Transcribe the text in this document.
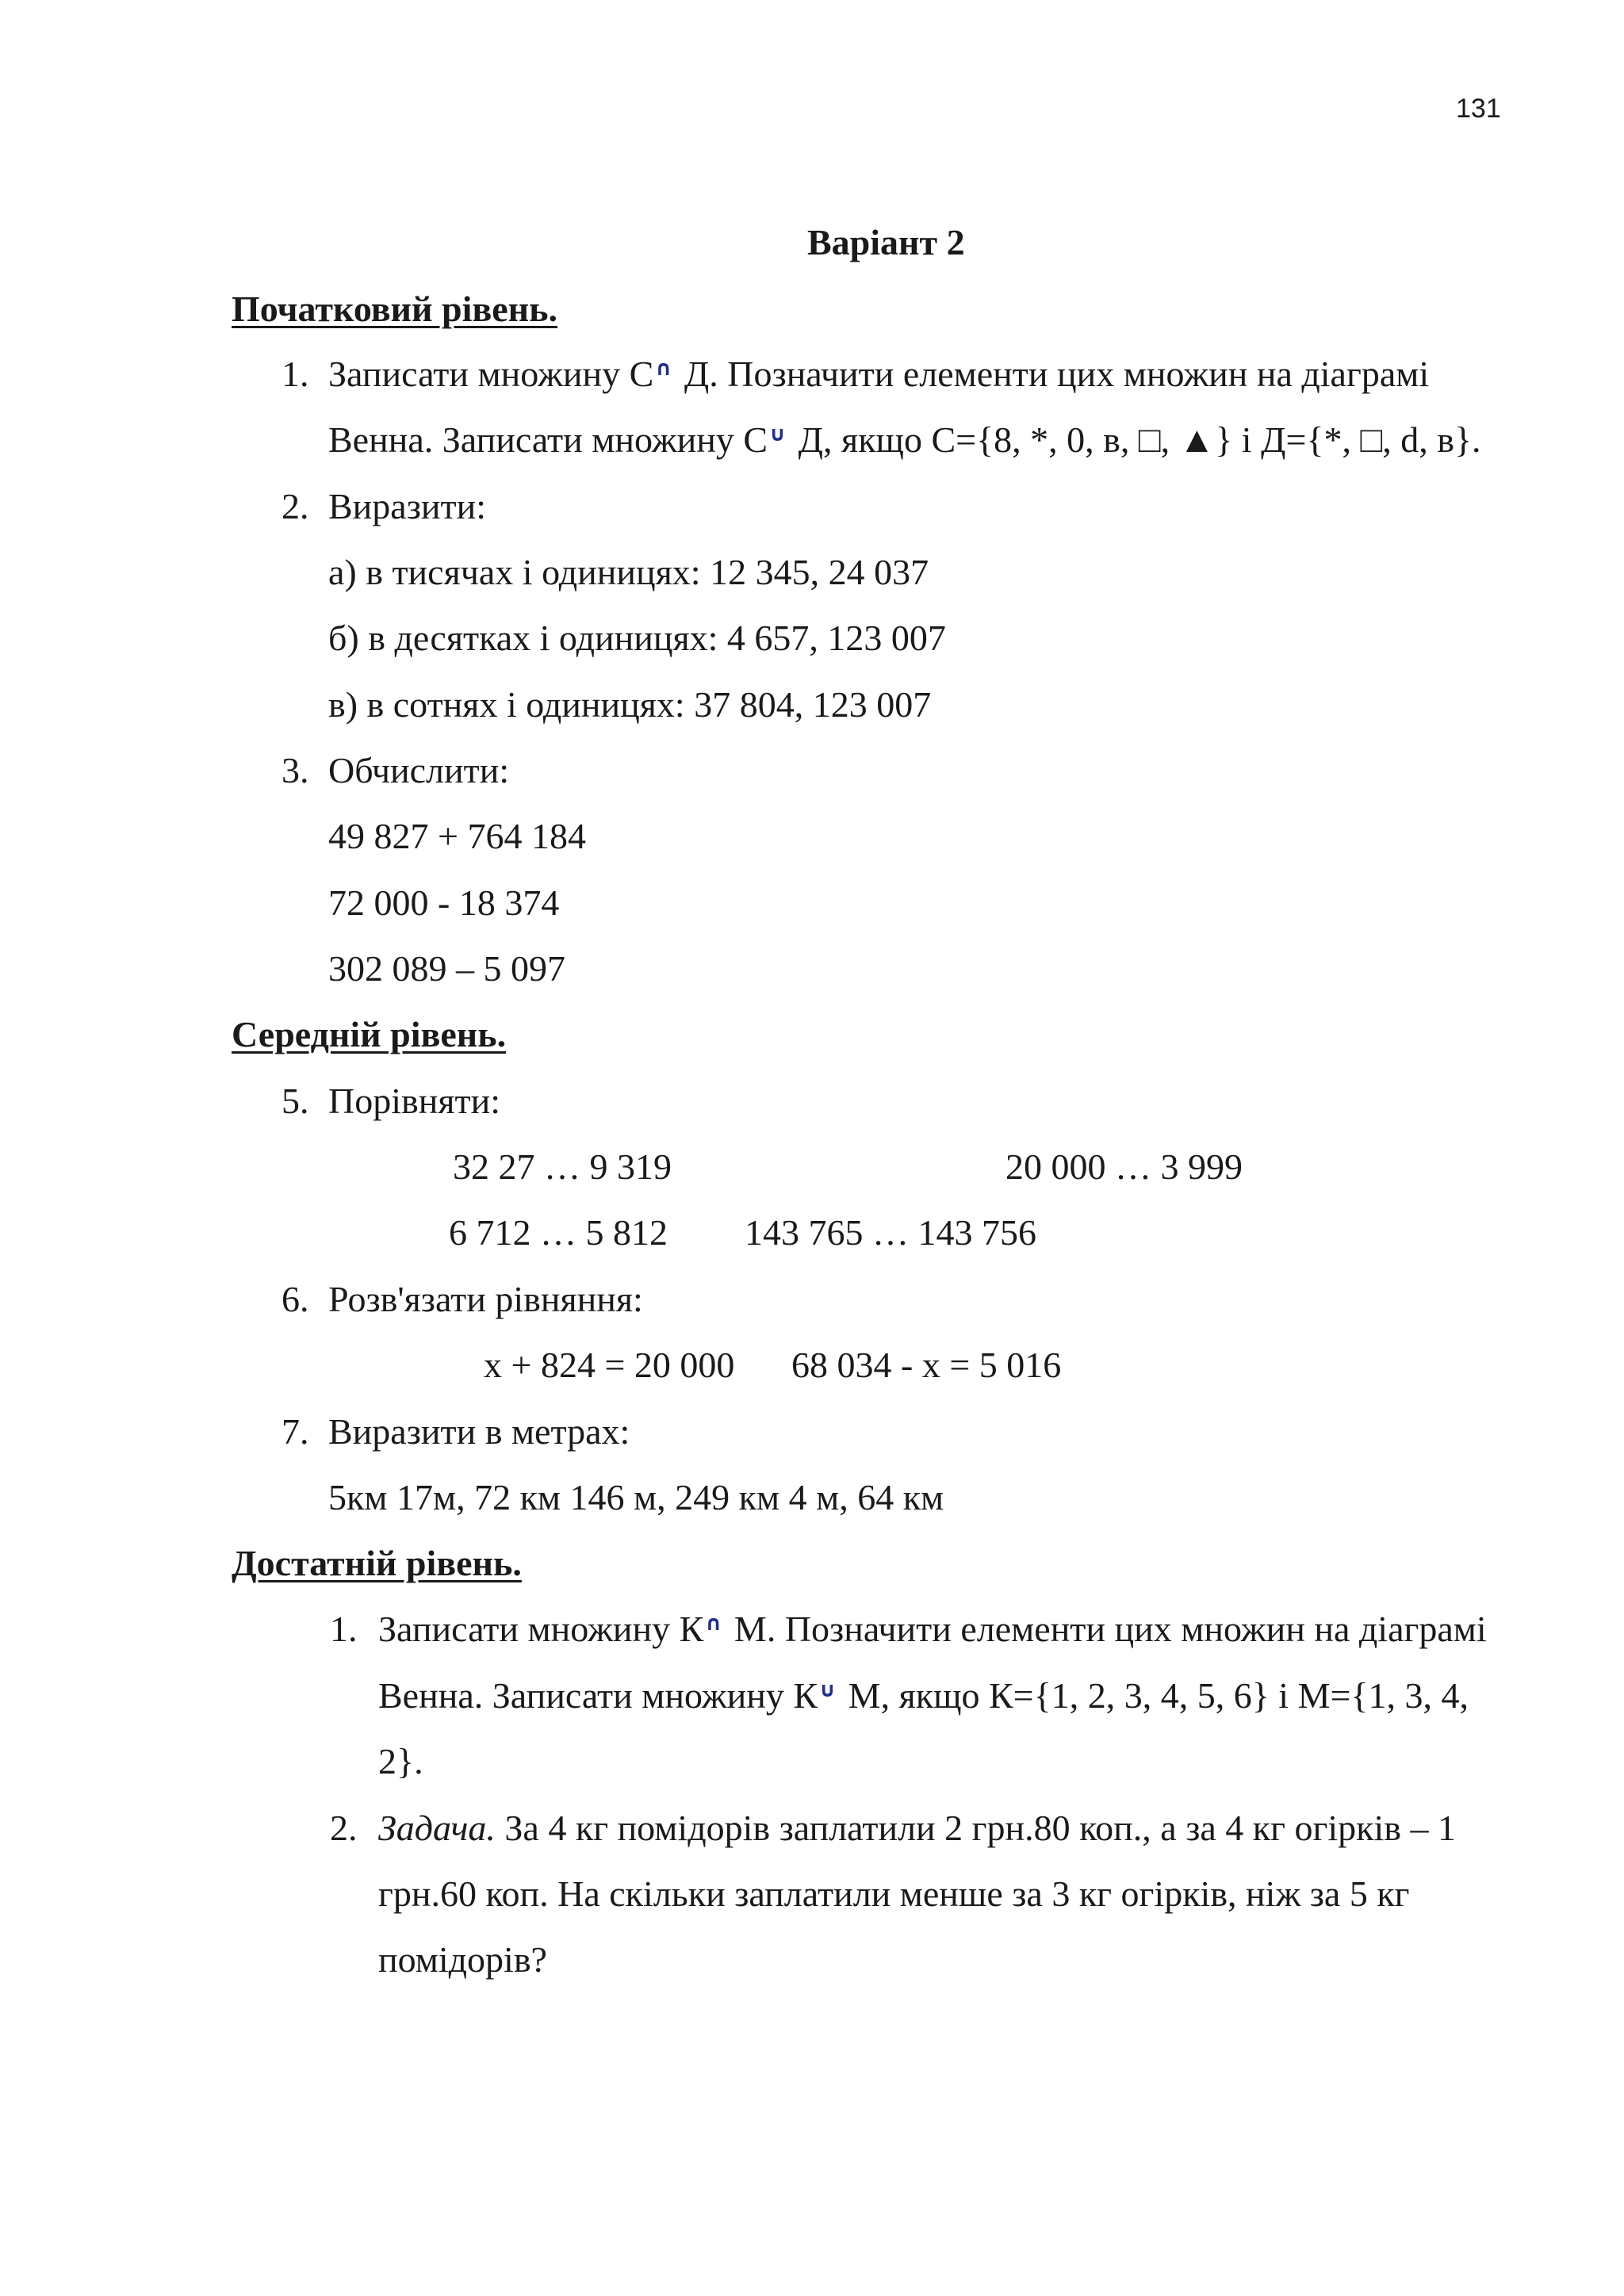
131
Варіант 2
Початковий рівень.
1. Записати множину С∩ Д. Позначити елементи цих множин на діаграмі
Венна. Записати множину С∪ Д, якщо С={8, *, 0, в, □, ▲} і Д={*, □, d, в}.
2. Виразити:
а) в тисячах і одиницях: 12 345, 24 037
б) в десятках і одиницях: 4 657, 123 007
в) в сотнях і одиницях: 37 804, 123 007
3. Обчислити:
49 827 + 764 184
72 000 - 18 374
302 089 – 5 097
Середній рівень.
5. Порівняти:
32 27 … 9 319	20 000 … 3 999
6 712 … 5 812 143 765 … 143 756
6. Розв'язати рівняння:
х + 824 = 20 000 68 034 - х = 5 016
7. Виразити в метрах:
5км 17м, 72 км 146 м, 249 км 4 м, 64 км
Достатній рівень.
1. Записати множину К∩ М. Позначити елементи цих множин на діаграмі
Венна. Записати множину К∪ М, якщо К={1, 2, 3, 4, 5, 6} і М={1, 3, 4,
2}.
2. Задача. За 4 кг помідорів заплатили 2 грн.80 коп., а за 4 кг огірків – 1
грн.60 коп. На скільки заплатили менше за 3 кг огірків, ніж за 5 кг
помідорів?
